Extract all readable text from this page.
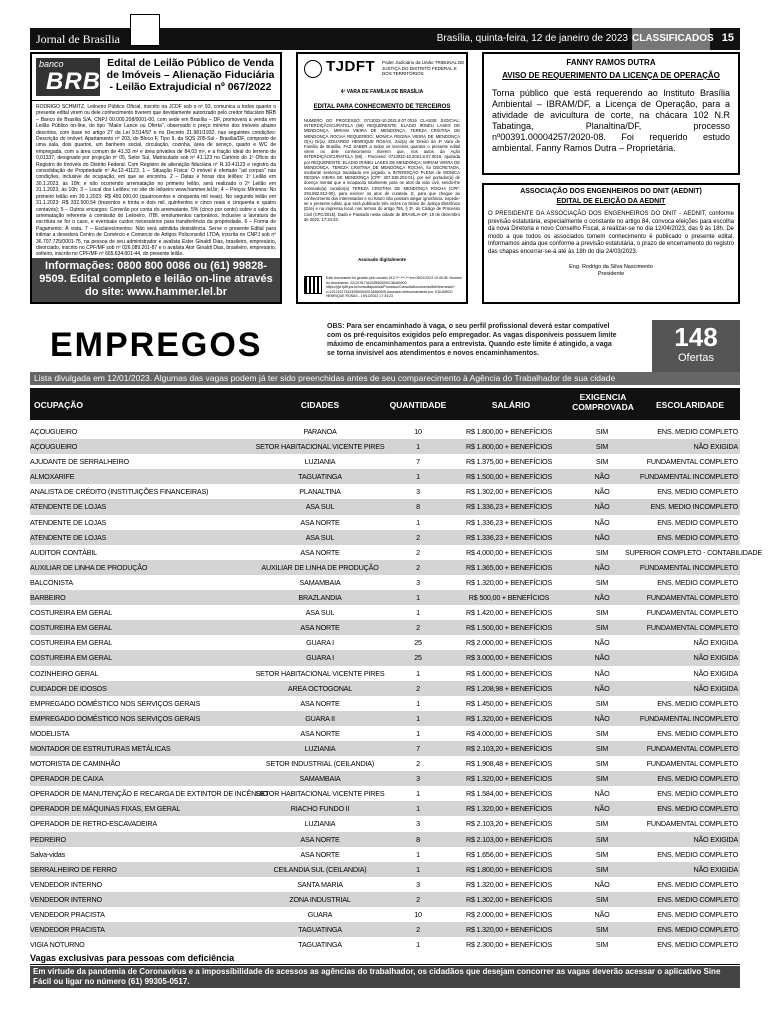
Jornal de Brasília	Brasília, quinta-feira, 12 de janeiro de 2023 CLASSIFICADOS 15
banco
BRB
Edital de Leilão Público de Venda de Imóveis – Alienação Fiduciária - Leilão Extrajudicial nº 067/2022
RODRIGO SCHMITZ, Leiloeiro Público Oficial, inscrito na JCDF sob o nº 93, comunica a todos quanto o presente edital virem ou dele conhecimento tiverem que devidamente autorizado pelo credor fiduciário BRB – Banco de Brasília S/A, CNPJ 00.000.208/0001-00, com sede em Brasília – DF, promoverá a venda em Leilão Público on-line, do tipo "Maior Lance ou Oferta", observado o preço mínimo dos imóveis abaixo descritos, com base no artigo 27 da Lei 9.514/97 e no Decreto 21.981/1932, nas seguintes condições: Descrição do imóvel: Apartamento nº 203, do Bloco F, Tipo 9, da SQS 205-Sul - Brasília/DF, composto de uma sala, dois quartos, um banheiro social, circulação, cozinha, área de serviço, quarto e WC de empregada, com a área comum de 41,33 m² e área privativa de 84,03 m², e a fração ideal do terreno de 0,01337, designado por projeção nº 05, Setor Sul, Matriculado sob nº 41.123 no Cartório do 1º Ofício do Registro de Imóveis do Distrito Federal. Com Registro de alienação fiduciária nº R.10-41123 e registro da consolidação de Propriedade nº Av.12-41123. 1 – Situação Física: O imóvel é ofertado "ad corpus" nas condições, inclusive de ocupação, em que se encontra. 2 – Datas e horas dos leilões: 1º Leilão em 30.1.2023, às 10h; e não ocorrendo arrematação no primeiro leilão, será realizado o 2º Leilão em 31.1.2023, às 10h; 3 – Local dos Leilões: no site do leiloeiro www.hammer.lel.br; 4 – Preços Mínimos: No primeiro leilão em 30.1.2023: R$ 450.000,00 (quatrocentos e cinquenta mil reais). No segundo leilão em 31.1.2023: R$ 332.500,54 (trezentos e trinta e dois mil, quinhentos e cinco reais e cinquenta e quatro centavos); 5 – Outros encargos: Correrão por conta do arrematante, 5% (cinco por cento) sobre o valor da arrematação referente à comissão do Leiloeiro, ITBI, emolumentos cartorários. Inclusive a lavratura de escritura se for o caso, e eventuais custos necessários para transferência da propriedade. 6 – Forma de Pagamento: À vista. 7 – Esclarecimentos: Não será admitida desistência. Serve o presente Edital para intimar a devedora Centro de Comércio e Comercio de Artigos Policonsolid LTDA, inscrita no CNPJ sob nº 36.707.725/0001-75, na pessoa de seu administrador e avalista Ester Ginaldi Dias, brasileiro, empresário, divorciado, inscrito no CPF/MF sob nº 026.089.201-87 e o avalista Ator Ginaldi Dias, brasileiro, empresário, solteiro, inscrito no CPF/MF nº 665.634.001-44, do presente leilão.
Informações: 0800 800 0086 ou (61) 99828-9509. Edital completo e leilão on-line através do site: www.hammer.lel.br
TJDFT Poder Judiciário da União TRIBUNAL DE JUSTIÇA DO DISTRITO FEDERAL E DOS TERRITÓRIOS
4ª VARA DE FAMÍLIA DE BRASÍLIA
EDITAL PARA CONHECIMENTO DE TERCEIROS
NÚMERO DO PROCESSO: 0713032-10.2021.8.07.0016 CLASSE JUDICIAL: INTERDIÇÃO/CURATELA (58) REQUERENTE: ELADIO IRINEU LASES DE MENDONÇA, MIRIAM VIEIRA DE MENDONÇA, TEREZA CRISTINA DE MENDONÇA ROCHA REQUERIDO: MONICA REGINA VIEIRA DE MENDONÇA O(A) Dr(a). EDUARDO HENRIQUE ROSAS, Juiz(a) de Direito da 4ª Vara de Família de Brasília, FAZ SABER a todos os terceiros quantos o presente edital virem ou dele conhecimento tiverem que, nos autos da Ação INTERDIÇÃO/CURATELA (58) - Processo: 0713032-10.2021.8.07.0016, ajuizada por REQUERENTE: ELADIO IRINEU LASES DE MENDONÇA, MIRIAM VIEIRA DE MENDONÇA, TEREZA CRISTINA DE MENDONÇA ROCHA, foi DECRETADA, mediante sentença transitada em julgado, a INTERDIÇÃO PLENA de MONICA REGINA VIEIRA DE MENDONÇA (CPF: 307.538.202-01), por ser portador(a) de doença mental que a incapacita totalmente para os atos da vida civil, sendo-lhe nomeado(a) curador(a) TEREZA CRISTINA DE MENDONÇA ROCHA (CPF: 294.882.812-00), para exercer os atos de curatela. E, para que chegue ao conhecimento dos interessados e no futuro não possam alegar ignorância, expede-se o presente edital, que será publicado três vezes no Diário de Justiça Eletrônico (DJe) e na imprensa local, nos termos do artigo 755, § 3º, do Código de Processo Civil (CPC/2015). Dado e Passado nesta cidade de BRASÍLIA-DF, 19 de dezembro de 2022, 17:34:23.
Assinado digitalmente
Este documento foi gerado pelo usuário 012.***.***-** em 09/01/2023 10:49:36. Número do documento: 22121917342325500000136460000 https://pje.tjdft.jus.br/consultapublica/Processo/ConsultaDocumento/listView.seam?x=22121917342325500000136460000 Assinado eletronicamente por: EDUARDO HENRIQUE ROSAS - 19/12/2022 17:34:23
FANNY RAMOS DUTRA
AVISO DE REQUERIMENTO DA LICENÇA DE OPERAÇÃO
Torna público que está requerendo ao Instituto Brasília Ambiental – IBRAM/DF, a Licença de Operação, para a atividade de avicultura de corte, na chácara 102 N.R Tabatinga, Planaltina/DF, processo nº00391.00004257/2020-08. Foi requerido estudo ambiental. Fanny Ramos Dutra – Proprietária.
ASSOCIAÇÃO DOS ENGENHEIROS DO DNIT (AEDNIT)
EDITAL DE ELEIÇÃO DA AEDNIT
O PRESIDENTE DA ASSOCIAÇÃO DOS ENGENHEIROS DO DNIT - AEDNIT, conforme previsão estatutária, especialmente o constante no artigo 84, convoca eleições para escolha da nova Diretoria e novo Conselho Fiscal, a realizar-se no dia 12/04/2023, das 9 às 18h. De modo a que todos os associados tomem conhecimento é publicado o presente edital. Informamos ainda que conforme a previsão estatutária, o prazo de encerramento do registro das chapas encerrar-se-á até às 18h do dia 24/03/2023.
Eng. Rodrigo da Silva Nascimento
Presidente
EMPREGOS	OBS: Para ser encaminhado à vaga, o seu perfil profissional deverá estar compatível com os pré-requisitos exigidos pelo empregador. As vagas disponíveis possuem limite máximo de encaminhamentos para a entrevista. Quando este limite é atingido, a vaga se torna invisível aos atendimentos e novos encaminhamentos.
148
Ofertas
Lista divulgada em 12/01/2023. Algumas das vagas podem já ter sido preenchidas antes de seu comparecimento à Agência do Trabalhador de sua cidade
OCUPAÇÃO	CIDADES	QUANTIDADE	SALÁRIO
EXIGENCIA COMPROVADA	ESCOLARIDADE
AÇOUGUEIRO	PARANOA	10	R$ 1.800,00 + BENEFÍCIOS	SIM	ENS. MEDIO COMPLETO
AÇOUGUEIRO	SETOR HABITACIONAL VICENTE PIRES	1	R$ 1.800,00 + BENEFÍCIOS	SIM	NÃO EXIGIDA
AJUDANTE DE SERRALHEIRO	LUZIANIA	7	R$ 1.375,00 + BENEFÍCIOS	SIM	FUNDAMENTAL COMPLETO
ALMOXARIFE	TAGUATINGA	1	R$ 1.500,00 + BENEFÍCIOS	NÃO	FUNDAMENTAL INCOMPLETO
ANALISTA DE CRÉDITO (INSTITUIÇÕES FINANCEIRAS)	PLANALTINA	3	R$ 1.302,00 + BENEFÍCIOS	NÃO	ENS. MEDIO COMPLETO
ATENDENTE DE LOJAS	ASA SUL	8	R$ 1.336,23 + BENEFÍCIOS	NÃO	ENS. MEDIO INCOMPLETO
ATENDENTE DE LOJAS	ASA NORTE	1	R$ 1.336,23 + BENEFÍCIOS	NÃO	ENS. MEDIO COMPLETO
ATENDENTE DE LOJAS	ASA SUL	2	R$ 1.336,23 + BENEFÍCIOS	NÃO	ENS. MEDIO COMPLETO
AUDITOR CONTÁBIL	ASA NORTE	2	R$ 4.000,00 + BENEFÍCIOS	SIM	SUPERIOR COMPLETO - CONTABILIDADE
AUXILIAR DE LINHA DE PRODUÇÃO	AUXILIAR DE LINHA DE PRODUÇÃO	2	R$ 1.365,00 + BENEFÍCIOS	NÃO	FUNDAMENTAL INCOMPLETO
BALCONISTA	SAMAMBAIA	3	R$ 1.320,00 + BENEFÍCIOS	SIM	ENS. MEDIO COMPLETO
BARBEIRO	BRAZLANDIA	1	R$ 500,00 + BENEFÍCIOS	NÃO	FUNDAMENTAL COMPLETO
COSTUREIRA EM GERAL	ASA SUL	1	R$ 1.420,00 + BENEFÍCIOS	SIM	FUNDAMENTAL COMPLETO
COSTUREIRA EM GERAL	ASA NORTE	2	R$ 1.500,00 + BENEFÍCIOS	SIM	FUNDAMENTAL COMPLETO
COSTUREIRA EM GERAL	GUARA I	25	R$ 2.000,00 + BENEFÍCIOS	NÃO	NÃO EXIGIDA
COSTUREIRA EM GERAL	GUARA I	25	R$ 3.000,00 + BENEFÍCIOS	NÃO	NÃO EXIGIDA
COZINHEIRO GERAL	SETOR HABITACIONAL VICENTE PIRES	1	R$ 1.600,00 + BENEFÍCIOS	NÃO	NÃO EXIGIDA
CUIDADOR DE IDOSOS	AREA OCTOGONAL	2	R$ 1.208,98 + BENEFÍCIOS	NÃO	NÃO EXIGIDA
EMPREGADO DOMÉSTICO NOS SERVIÇOS GERAIS	ASA NORTE	1	R$ 1.450,00 + BENEFÍCIOS	SIM	ENS. MEDIO COMPLETO
EMPREGADO DOMÉSTICO NOS SERVIÇOS GERAIS	GUARA II	1	R$ 1.320,00 + BENEFÍCIOS	NÃO	FUNDAMENTAL INCOMPLETO
MODELISTA	ASA NORTE	1	R$ 4.000,00 + BENEFÍCIOS	SIM	ENS. MEDIO COMPLETO
MONTADOR DE ESTRUTURAS METÁLICAS	LUZIANIA	7	R$ 2.103,20 + BENEFÍCIOS	SIM	FUNDAMENTAL COMPLETO
MOTORISTA DE CAMINHÃO	SETOR INDUSTRIAL (CEILANDIA)	2	R$ 1.908,48 + BENEFÍCIOS	SIM	FUNDAMENTAL COMPLETO
OPERADOR DE CAIXA	SAMAMBAIA	3	R$ 1.320,00 + BENEFÍCIOS	SIM	ENS. MEDIO COMPLETO
OPERADOR DE MANUTENÇÃO E RECARGA DE EXTINTOR DE INCÊNDIO
SETOR HABITACIONAL VICENTE PIRES	1	R$ 1.584,00 + BENEFÍCIOS	NÃO	ENS. MEDIO COMPLETO
OPERADOR DE MÁQUINAS FIXAS, EM GERAL	RIACHO FUNDO II	1	R$ 1.320,00 + BENEFÍCIOS	NÃO	ENS. MEDIO COMPLETO
OPERADOR DE RETRO-ESCAVADEIRA	LUZIANIA	3	R$ 2.103,20 + BENEFÍCIOS	SIM	FUNDAMENTAL COMPLETO
PEDREIRO	ASA NORTE	8	R$ 2.103,00 + BENEFÍCIOS	SIM	NÃO EXIGIDA
Salva-vidas	ASA NORTE	1	R$ 1.656,00 + BENEFÍCIOS	SIM	ENS. MEDIO COMPLETO
SERRALHEIRO DE FERRO	CEILANDIA SUL (CEILANDIA)	1	R$ 1.800,00 + BENEFÍCIOS	SIM	NÃO EXIGIDA
VENDEDOR INTERNO	SANTA MARIA	3	R$ 1.320,00 + BENEFÍCIOS	NÃO	ENS. MEDIO COMPLETO
VENDEDOR INTERNO	ZONA INDUSTRIAL	2	R$ 1.302,00 + BENEFÍCIOS	SIM	ENS. MEDIO COMPLETO
VENDEDOR PRACISTA	GUARA	10	R$ 2.000,00 + BENEFÍCIOS	NÃO	ENS. MEDIO COMPLETO
VENDEDOR PRACISTA	TAGUATINGA	2	R$ 1.320,00 + BENEFÍCIOS	SIM	ENS. MEDIO COMPLETO
VIGIA NOTURNO	TAGUATINGA	1	R$ 2.300,00 + BENEFÍCIOS	SIM	ENS. MEDIO COMPLETO
Vagas exclusivas para pessoas com deficiência
Em virtude da pandemia de Coronavírus e a impossibilidade de acessos as agências do trabalhador, os cidadãos que desejam concorrer as vagas deverão acessar o aplicativo Sine Fácil ou ligar no número (61) 99305-0517.
